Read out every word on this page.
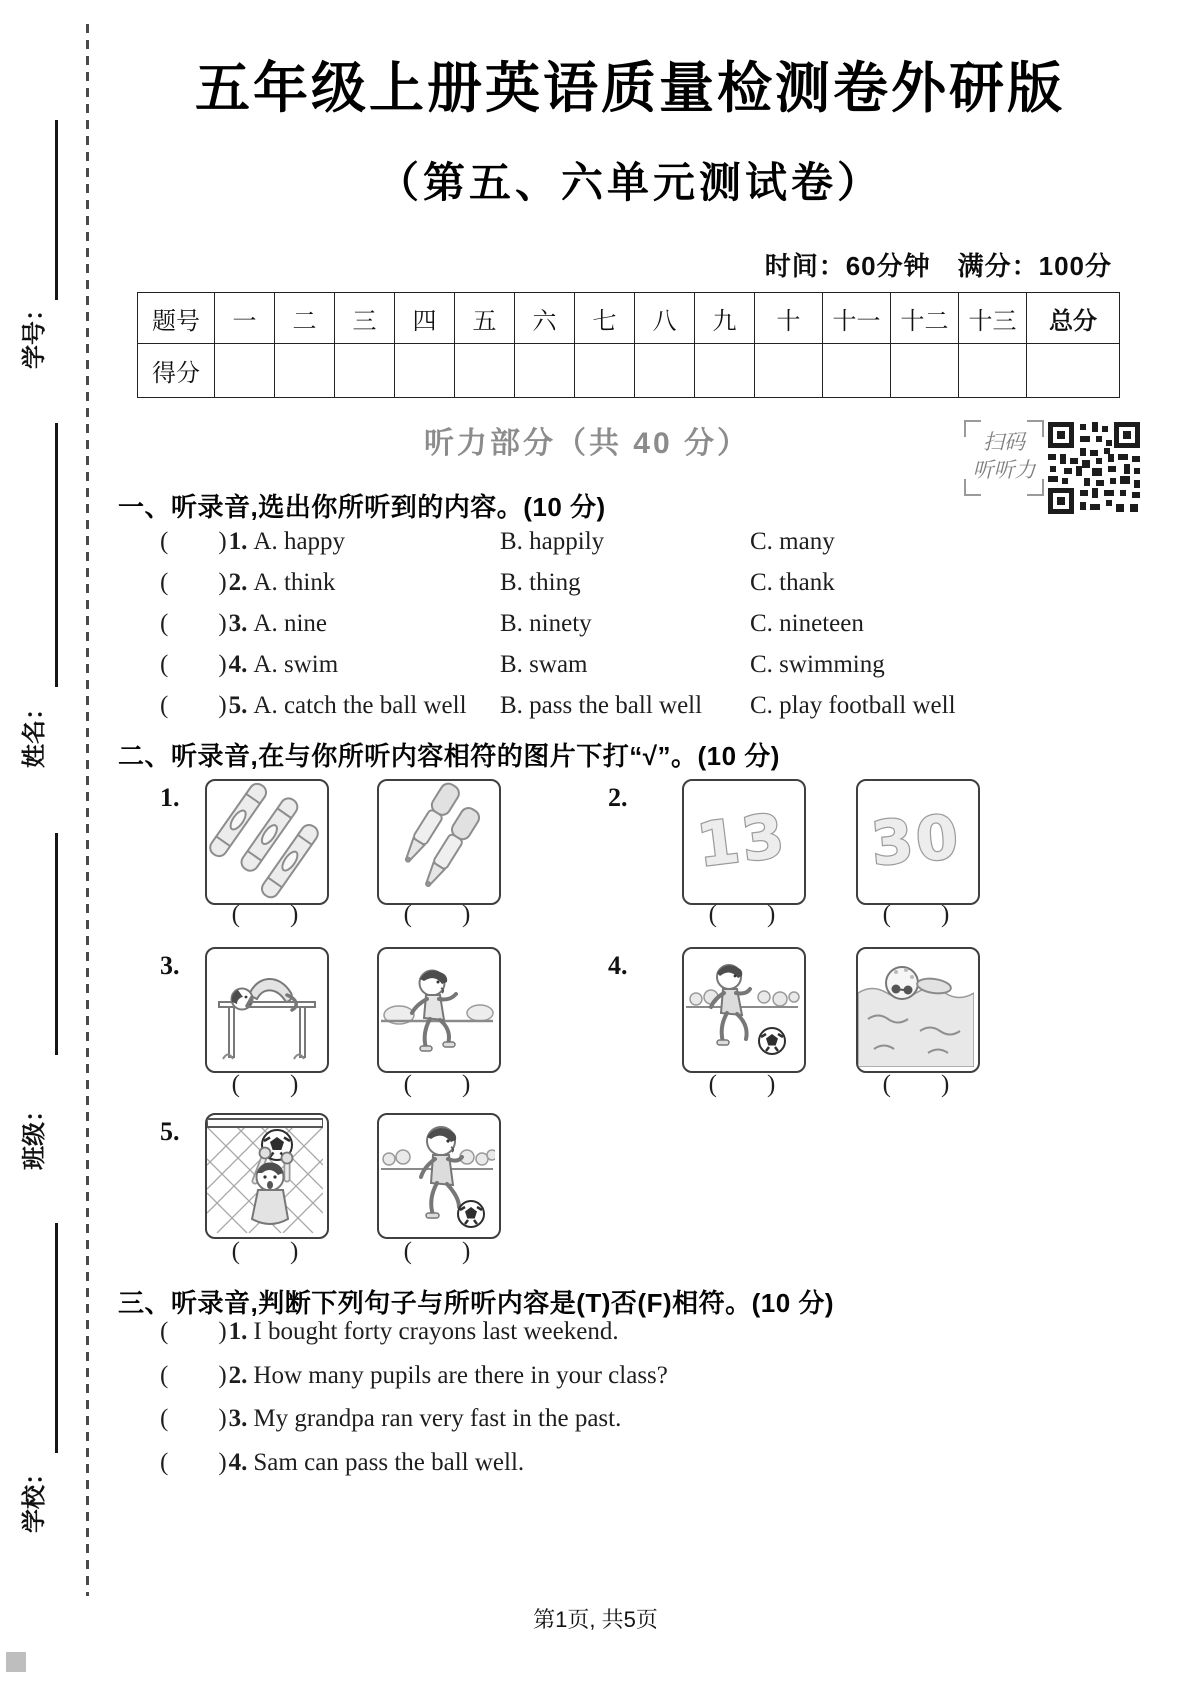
学号：
姓名：
班级：
学校：
五年级上册英语质量检测卷外研版
（第五、六单元测试卷）
时间：60分钟　满分：100分
题号	一	二	三	四	五	六	七	八	九	十	十一	十二	十三	总分
得分														
听力部分（共 40 分）	扫码
听听力
一、听录音,选出你所听到的内容。(10 分)
(  )1. A. happy	B. happily	C. many
(  )2. A. think	B. thing	C. thank
(  )3. A. nine	B. ninety	C. nineteen
(  )4. A. swim	B. swam	C. swimming
(  )5. A. catch the ball well	B. pass the ball well	C. play football well
二、听录音,在与你所听内容相符的图片下打“√”。(10 分)
1.	2.
13 30
(  )	(  )	(  )	(  )
3.	4.
(  )	(  )	(  )	(  )
5.
(  )	(  )
三、听录音,判断下列句子与所听内容是(T)否(F)相符。(10 分)
(  ) 1. I bought forty crayons last weekend.
(  ) 2. How many pupils are there in your class?
(  ) 3. My grandpa ran very fast in the past.
(  ) 4. Sam can pass the ball well.
第1页, 共5页
